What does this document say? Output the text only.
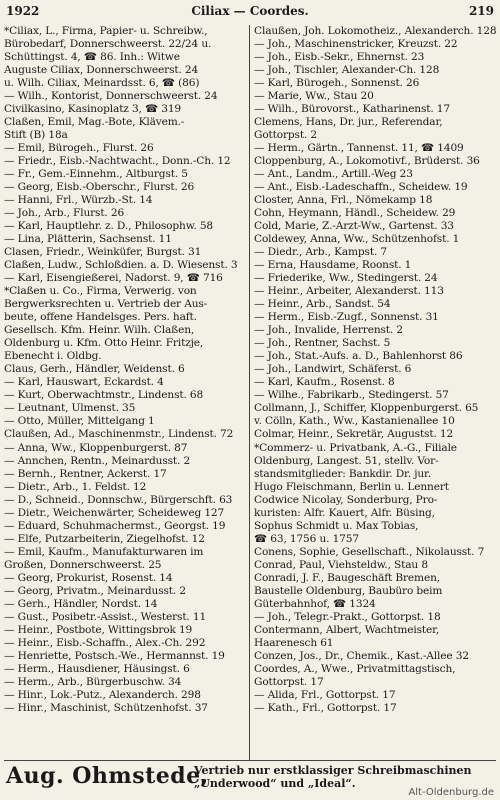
1922	Ciliax — Coordes.	219
*Ciliax, L., Firma, Papier- u. Schreibw.,
Bürobedarf, Donnerschweerst. 22/24 u.
Schüttingst. 4, ☎ 86. Inh.: Witwe
Auguste Ciliax, Donnerschweerst. 24
u. Wilh. Ciliax, Meinardsst. 6, ☎ (86)
— Wilh., Kontorist, Donnerschweerst. 24
Civilkasino, Kasinoplatz 3, ☎ 319
Claßen, Emil, Mag.-Bote, Klävem.-
Stift (B) 18a
— Emil, Bürogeh., Flurst. 26
— Friedr., Eisb.-Nachtwacht., Donn.-Ch. 12
— Fr., Gem.-Einnehm., Altburgst. 5
— Georg, Eisb.-Oberschr., Flurst. 26
— Hanni, Frl., Würzb.-St. 14
— Joh., Arb., Flurst. 26
— Karl, Hauptlehr. z. D., Philosophw. 58
— Lina, Plätterin, Sachsenst. 11
Clasen, Friedr., Weinküfer, Burgst. 31
Claßen, Ludw., Schloßdien. a. D. Wiesenst. 3
— Karl, Eisengießerei, Nadorst. 9, ☎ 716
*Claßen u. Co., Firma, Verwerig. von
Bergwerksrechten u. Vertrieb der Aus-
beute, offene Handelsges. Pers. haft.
Gesellsch. Kfm. Heinr. Wilh. Claßen,
Oldenburg u. Kfm. Otto Heinr. Fritzje,
Ebenecht i. Oldbg.
Claus, Gerh., Händler, Weidenst. 6
— Karl, Hauswart, Eckardst. 4
— Kurt, Oberwachtmstr., Lindenst. 68
— Leutnant, Ulmenst. 35
— Otto, Müller, Mittelgang 1
Claußen, Ad., Maschinenmstr., Lindenst. 72
— Anna, Ww., Kloppenburgerst. 87
— Annchen, Rentn., Meinardusst. 2
— Bernh., Rentner, Ackerst. 17
— Dietr., Arb., 1. Feldst. 12
— D., Schneid., Donnschw., Bürgerschft. 63
— Dietr., Weichenwärter, Scheideweg 127
— Eduard, Schuhmachermst., Georgst. 19
— Elfe, Putzarbeiterin, Ziegelhofst. 12
— Emil, Kaufm., Manufakturwaren im
Großen, Donnerschweerst. 25
— Georg, Prokurist, Rosenst. 14
— Georg, Privatm., Meinardusst. 2
— Gerh., Händler, Nordst. 14
— Gust., Posibetr.-Assist., Westerst. 11
— Heinr., Postbote, Wittingsbrok 19
— Heinr., Eisb.-Schaffn., Alex.-Ch. 292
— Henriette, Postsch.-We., Hermannst. 19
— Herm., Hausdiener, Häusingst. 6
— Herm., Arb., Bürgerbuschw. 34
— Hinr., Lok.-Putz., Alexanderch. 298
— Hinr., Maschinist, Schützenhofst. 37
Claußen, Joh. Lokomotheiz., Alexanderch. 128
— Joh., Maschinenstricker, Kreuzst. 22
— Joh., Eisb.-Sekr., Ehnernst. 23
— Joh., Tischler, Alexander-Ch. 128
— Karl, Bürogeh., Sonnenst. 26
— Marie, Ww., Stau 20
— Wilh., Bürovorst., Katharinenst. 17
Clemens, Hans, Dr. jur., Referendar,
Gottorpst. 2
— Herm., Gärtn., Tannenst. 11, ☎ 1409
Cloppenburg, A., Lokomotivf., Brüderst. 36
— Ant., Landm., Artill.-Weg 23
— Ant., Eisb.-Ladeschaffn., Scheidew. 19
Closter, Anna, Frl., Nömekamp 18
Cohn, Heymann, Händl., Scheidew. 29
Cold, Marie, Z.-Arzt-Ww., Gartenst. 33
Coldewey, Anna, Ww., Schützenhofst. 1
— Diedr., Arb., Kampst. 7
— Erna, Hausdame, Roonst. 1
— Friederike, Ww., Stedingerst. 24
— Heinr., Arbeiter, Alexanderst. 113
— Heinr., Arb., Sandst. 54
— Herm., Eisb.-Zugf., Sonnenst. 31
— Joh., Invalide, Herrenst. 2
— Joh., Rentner, Sachst. 5
— Joh., Stat.-Aufs. a. D., Bahlenhorst 86
— Joh., Landwirt, Schäferst. 6
— Karl, Kaufm., Rosenst. 8
— Wilhe., Fabrikarb., Stedingerst. 57
Collmann, J., Schiffer, Kloppenburgerst. 65
v. Cölln, Kath., Ww., Kastanienallee 10
Colmar, Heinr., Sekretär, Augustst. 12
*Commerz- u. Privatbank, A.-G., Filiale
Oldenburg, Langest. 51, stellv. Vor-
standsmitglieder: Bankdir. Dr. jur.
Hugo Fleischmann, Berlin u. Lennert
Codwice Nicolay, Sonderburg, Pro-
kuristen: Alfr. Kauert, Alfr. Büsing,
Sophus Schmidt u. Max Tobias,
☎ 63, 1756 u. 1757
Conens, Sophie, Gesellschaft., Nikolausst. 7
Conrad, Paul, Viehsteldw., Stau 8
Conradi, J. F., Baugeschäft Bremen,
Baustelle Oldenburg, Baubüro beim
Güterbahnhof, ☎ 1324
— Joh., Telegr.-Prakt., Gottorpst. 18
Contermann, Albert, Wachtmeister,
Haarenesch 61
Conzen, Jos., Dr., Chemik., Kast.-Allee 32
Coordes, A., Wwe., Privatmittagstisch,
Gottorpst. 17
— Alida, Frl., Gottorpst. 17
— Kath., Frl., Gottorpst. 17
Aug. Ohmstede,
Vertrieb nur erstklassiger Schreibmaschinen
„Underwood“ und „Ideal“.
Alt-Oldenburg.de
